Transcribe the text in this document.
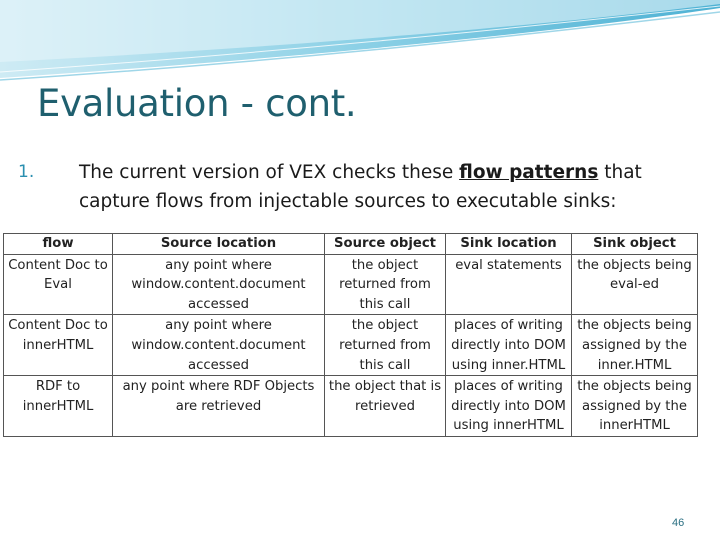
Evaluation - cont.
1. The current version of VEX checks these flow patterns that capture flows from injectable sources to executable sinks:
flow	Source location	Source object	Sink location	Sink object
Content Doc to Eval	any point where window.content.document accessed	the object returned from this call	eval statements	the objects being eval-ed
Content Doc to innerHTML	any point where window.content.document accessed	the object returned from this call	places of writing directly into DOM using inner.HTML	the objects being assigned by the inner.HTML
RDF to innerHTML	any point where RDF Objects are retrieved	the object that is retrieved	places of writing directly into DOM using innerHTML	the objects being assigned by the innerHTML
46
